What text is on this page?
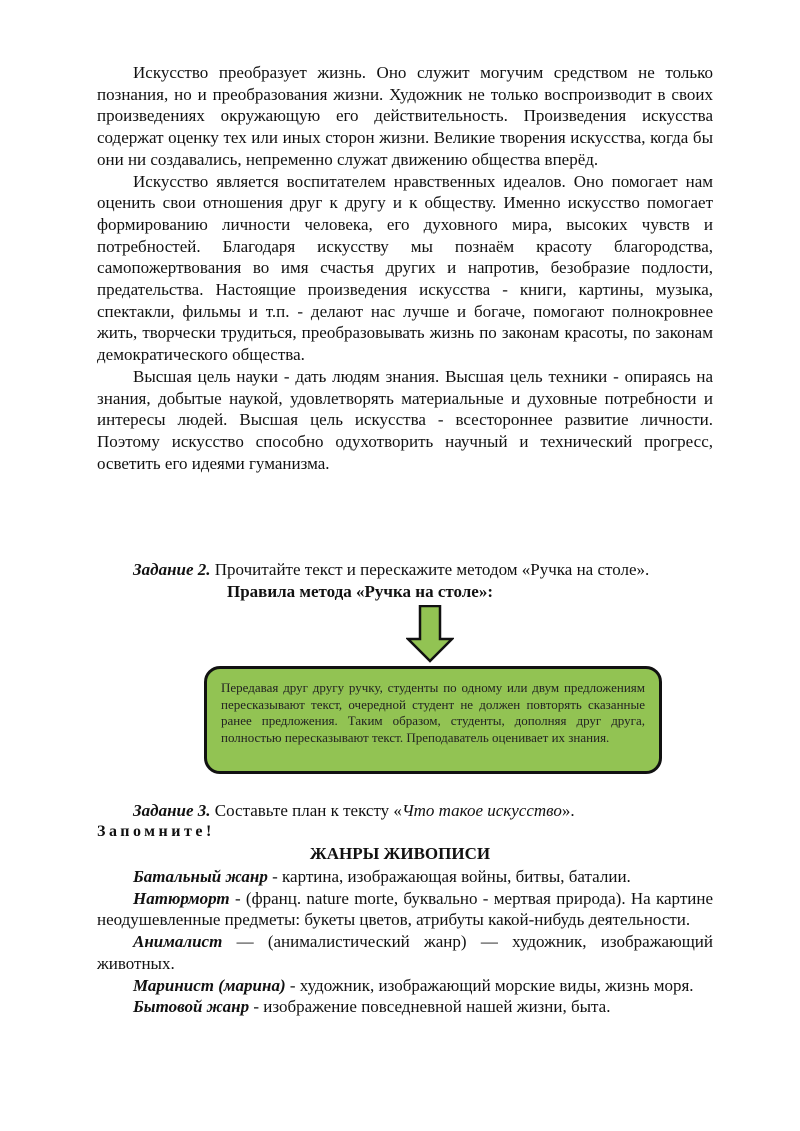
Искусство преобразует жизнь. Оно служит могучим средством не только познания, но и преобразования жизни. Художник не только воспроизводит в своих произведениях окружающую его действительность. Произведения искусства содержат оценку тех или иных сторон жизни. Великие творения искусства, когда бы они ни создавались, непременно служат движению общества вперёд.

Искусство является воспитателем нравственных идеалов. Оно помогает нам оценить свои отношения друг к другу и к обществу. Именно искусство помогает формированию личности человека, его духовного мира, высоких чувств и потребностей. Благодаря искусству мы познаём красоту благородства, самопожертвования во имя счастья других и напротив, безобразие подлости, предательства. Настоящие произведения искусства - книги, картины, музыка, спектакли, фильмы и т.п. - делают нас лучше и богаче, помогают полнокровнее жить, творчески трудиться, преобразовывать жизнь по законам красоты, по законам демократического общества.

Высшая цель науки - дать людям знания. Высшая цель техники - опираясь на знания, добытые наукой, удовлетворять материальные и духовные потребности и интересы людей. Высшая цель искусства - всестороннее развитие личности. Поэтому искусство способно одухотворить научный и технический прогресс, осветить его идеями гуманизма.

Задание 2. Прочитайте текст и перескажите методом «Ручка на столе».
Правила метода «Ручка на столе»:
Передавая друг другу ручку, студенты по одному или двум предложениям пересказывают текст, очередной студент не должен повторять сказанные ранее предложения. Таким образом, студенты, дополняя друг друга, полностью пересказывают текст. Преподаватель оценивает их знания.
Задание 3. Составьте план к тексту «Что такое искусство».
Запомните!
ЖАНРЫ ЖИВОПИСИ

Батальный жанр - картина, изображающая войны, битвы, баталии.

Натюрморт - (франц. nature morte, буквально - мертвая природа). На картине неодушевленные предметы: букеты цветов, атрибуты какой-нибудь деятельности.

Анималист — (анималистический жанр) — художник, изображающий животных.

Маринист (марина) - художник, изображающий морские виды, жизнь моря.

Бытовой жанр - изображение повседневной нашей жизни, быта.
